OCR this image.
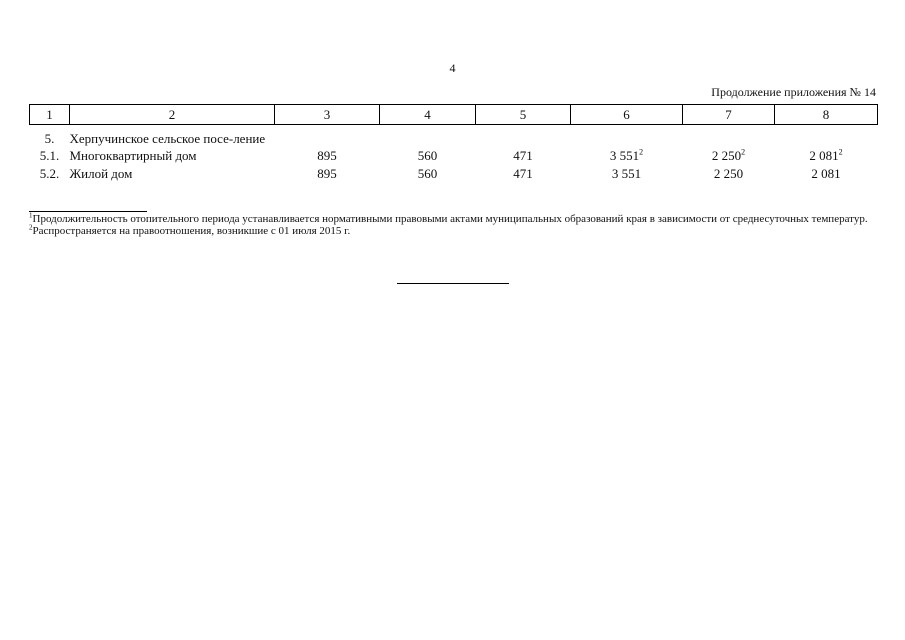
4
Продолжение приложения № 14
1	2	3	4	5	6	7	8
5.	Херпучинское сельское посе-ление						
5.1.	Многоквартирный дом	895	560	471	3 $551^2$	2 $250^2$	2 $081^2$
5.2.	Жилой дом	895	560	471	3 551	2 250	2 081
$^1$Продолжительность отопительного периода устанавливается нормативными правовыми актами муниципальных образований края в зависимости от среднесуточных температур.
$^2$Распространяется на правоотношения, возникшие с 01 июля 2015 г.
